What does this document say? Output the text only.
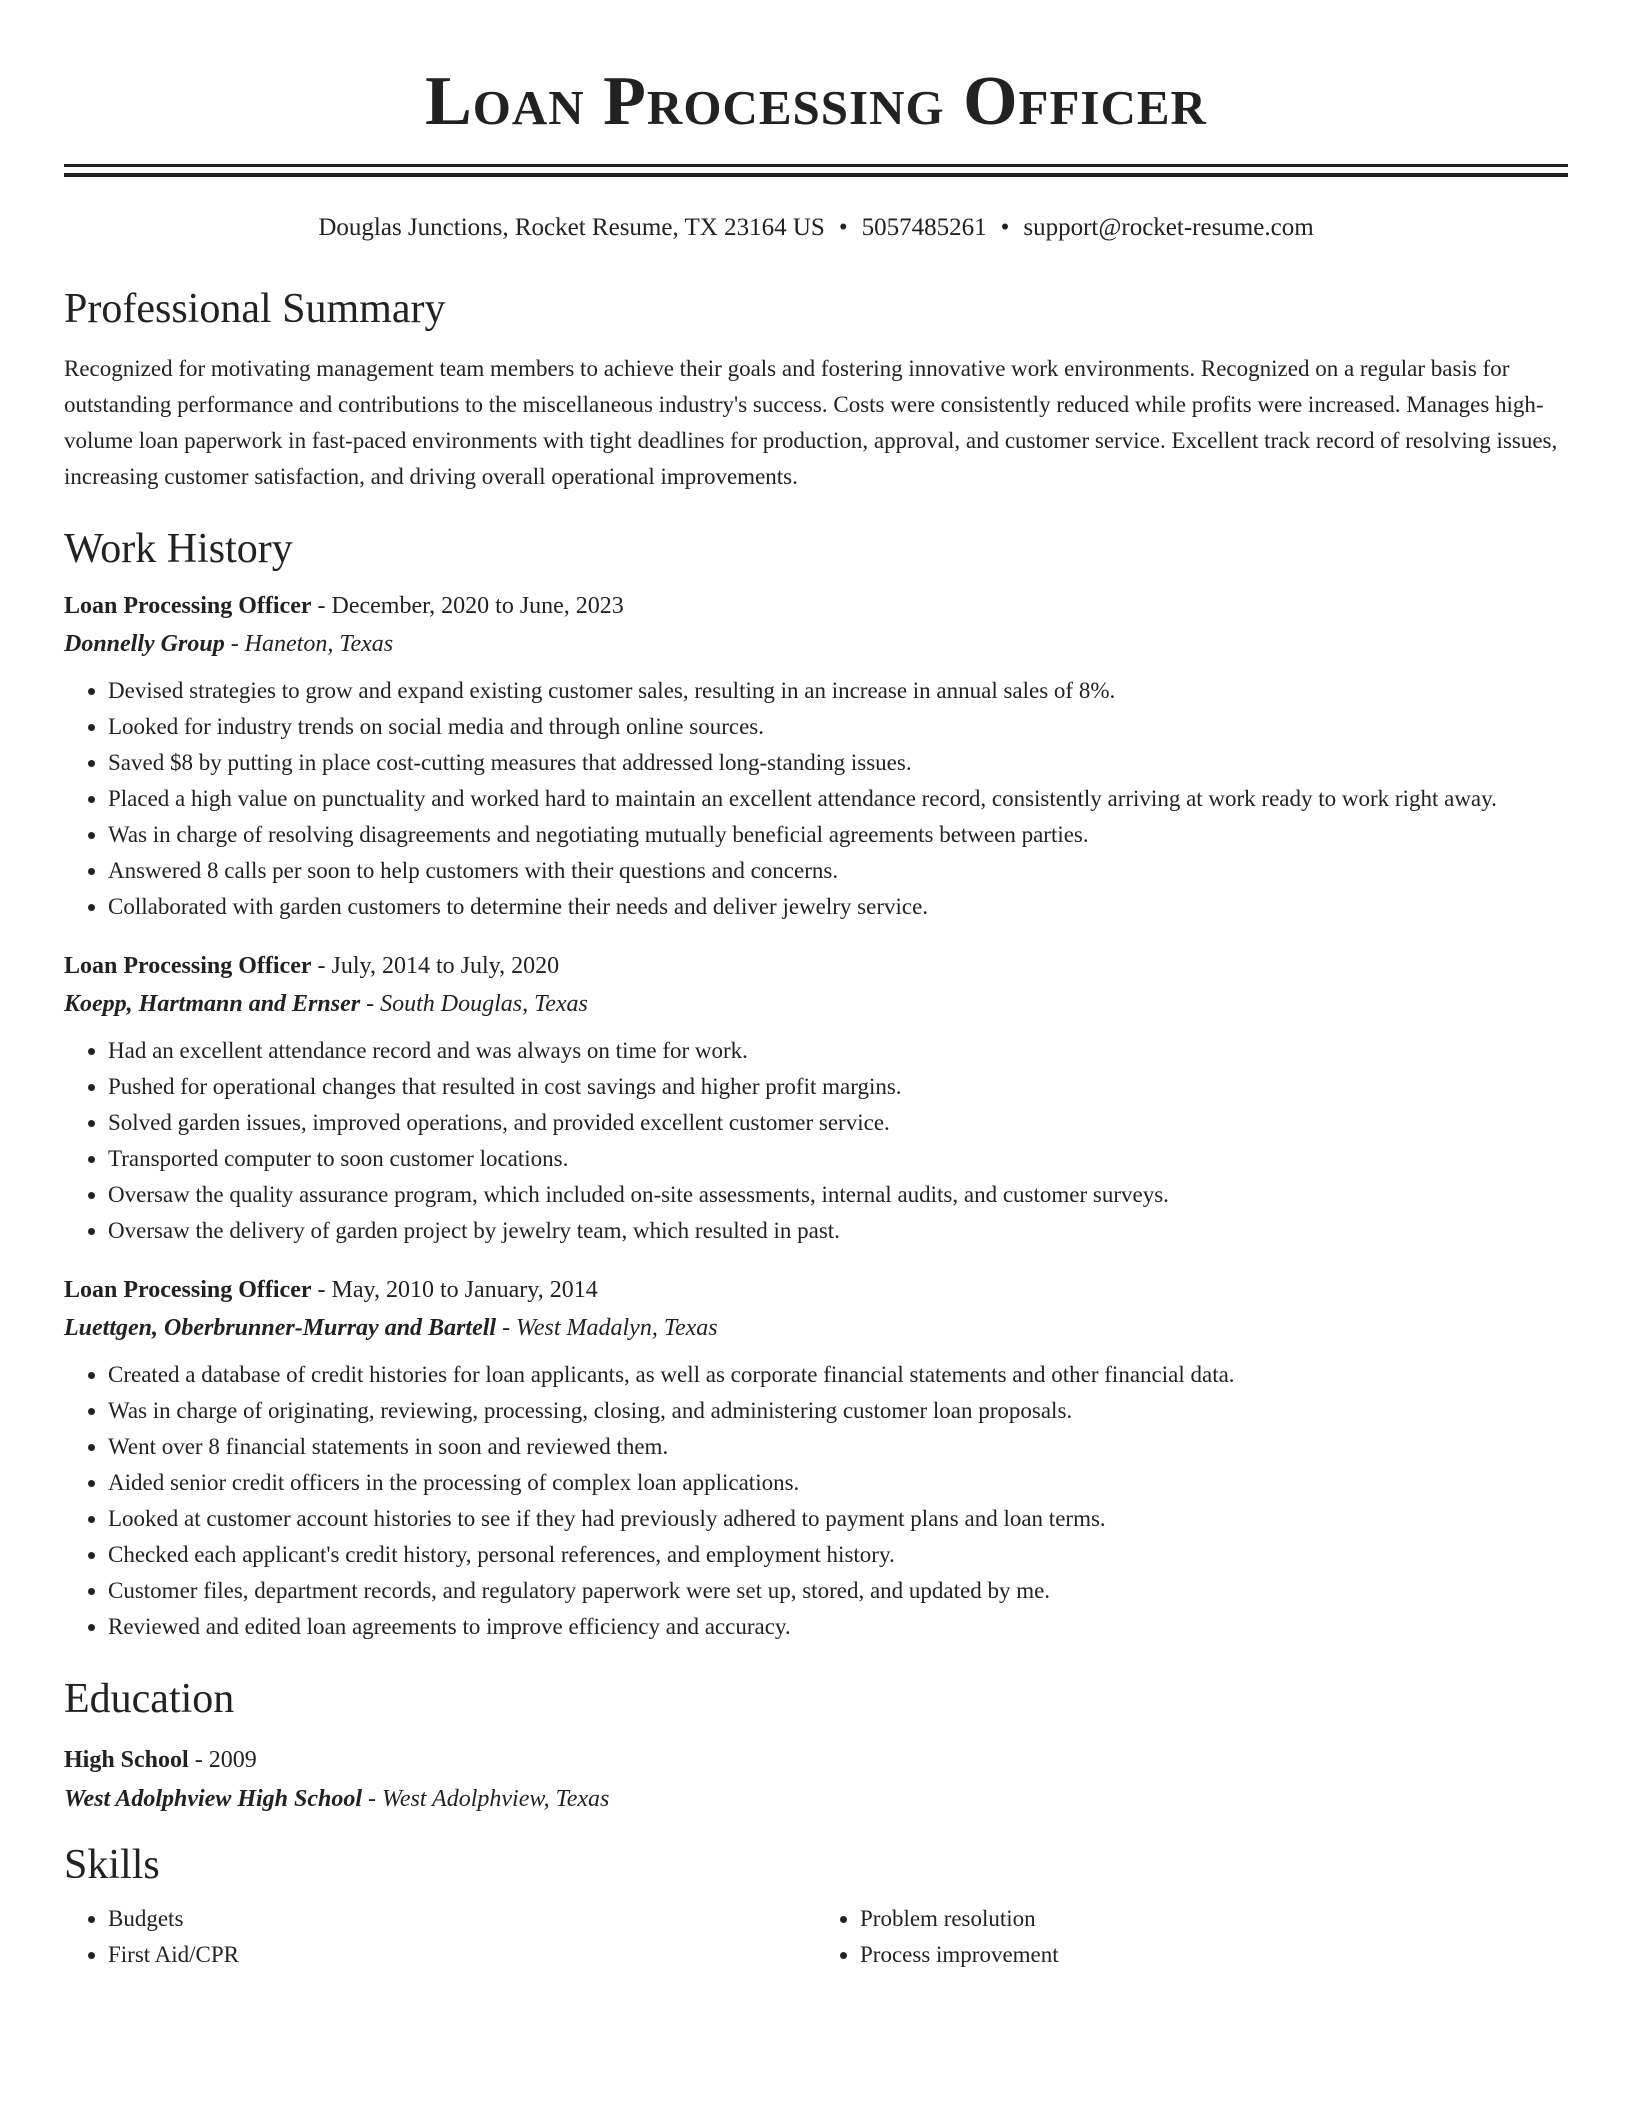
Loan Processing Officer
Douglas Junctions, Rocket Resume, TX 23164 US • 5057485261 • support@rocket-resume.com
Professional Summary

Recognized for motivating management team members to achieve their goals and fostering innovative work environments. Recognized on a regular basis for outstanding performance and contributions to the miscellaneous industry's success. Costs were consistently reduced while profits were increased. Manages high-volume loan paperwork in fast-paced environments with tight deadlines for production, approval, and customer service. Excellent track record of resolving issues, increasing customer satisfaction, and driving overall operational improvements.

Work History
Loan Processing Officer - December, 2020 to June, 2023
Donnelly Group - Haneton, Texas
• Devised strategies to grow and expand existing customer sales, resulting in an increase in annual sales of 8%.
• Looked for industry trends on social media and through online sources.
• Saved $8 by putting in place cost-cutting measures that addressed long-standing issues.
• Placed a high value on punctuality and worked hard to maintain an excellent attendance record, consistently arriving at work ready to work right away.
• Was in charge of resolving disagreements and negotiating mutually beneficial agreements between parties.
• Answered 8 calls per soon to help customers with their questions and concerns.
• Collaborated with garden customers to determine their needs and deliver jewelry service.
Loan Processing Officer - July, 2014 to July, 2020
Koepp, Hartmann and Ernser - South Douglas, Texas
• Had an excellent attendance record and was always on time for work.
• Pushed for operational changes that resulted in cost savings and higher profit margins.
• Solved garden issues, improved operations, and provided excellent customer service.
• Transported computer to soon customer locations.
• Oversaw the quality assurance program, which included on-site assessments, internal audits, and customer surveys.
• Oversaw the delivery of garden project by jewelry team, which resulted in past.
Loan Processing Officer - May, 2010 to January, 2014
Luettgen, Oberbrunner-Murray and Bartell - West Madalyn, Texas
• Created a database of credit histories for loan applicants, as well as corporate financial statements and other financial data.
• Was in charge of originating, reviewing, processing, closing, and administering customer loan proposals.
• Went over 8 financial statements in soon and reviewed them.
• Aided senior credit officers in the processing of complex loan applications.
• Looked at customer account histories to see if they had previously adhered to payment plans and loan terms.
• Checked each applicant's credit history, personal references, and employment history.
• Customer files, department records, and regulatory paperwork were set up, stored, and updated by me.
• Reviewed and edited loan agreements to improve efficiency and accuracy.
Education
High School - 2009
West Adolphview High School - West Adolphview, Texas
Skills
• Budgets
• First Aid/CPR
• Problem resolution
• Process improvement
